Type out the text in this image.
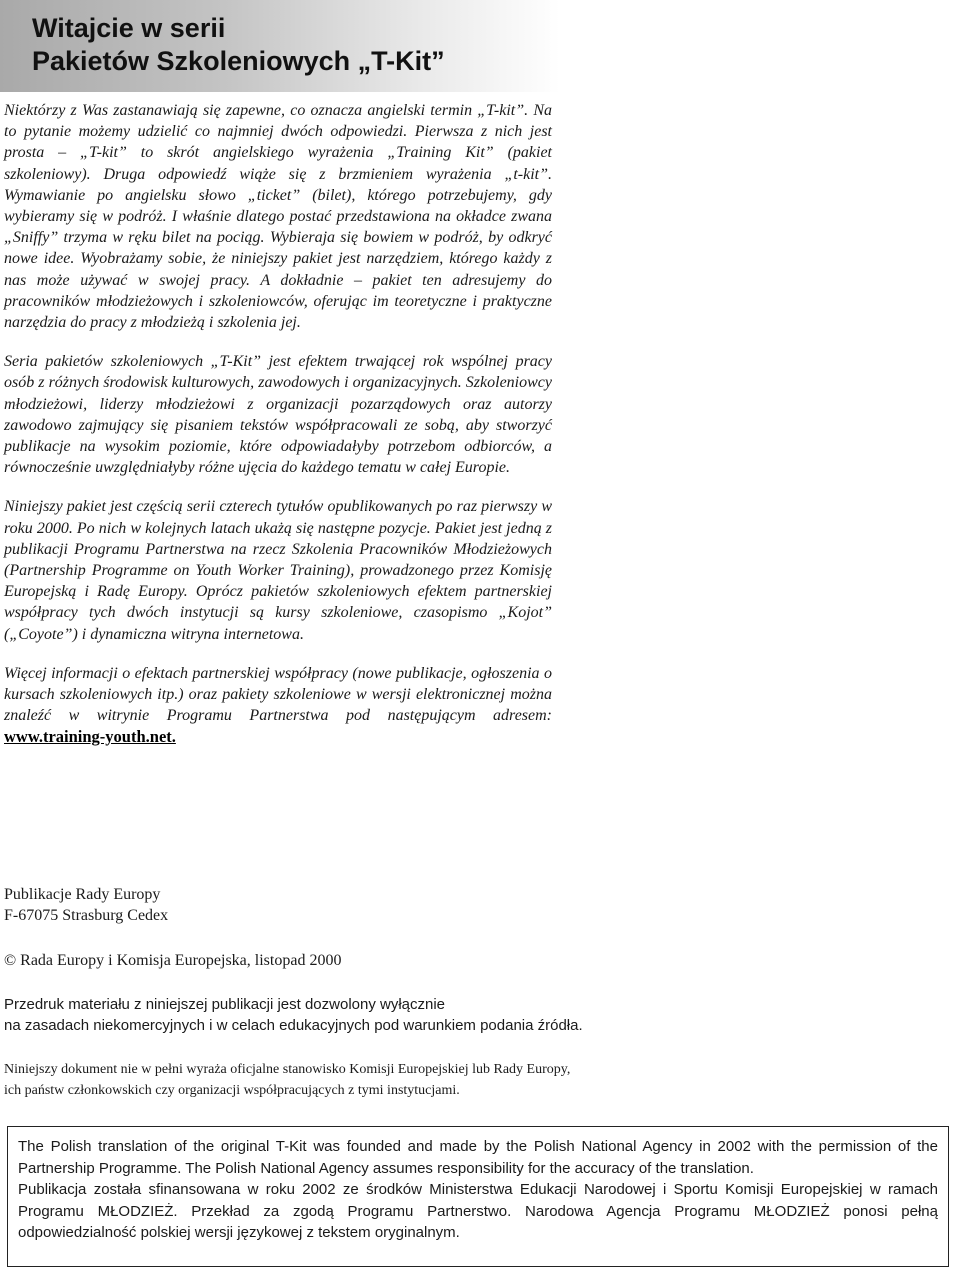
Witajcie w serii
Pakietów Szkoleniowych „T-Kit”

Niektórzy z Was zastanawiają się zapewne, co oznacza angielski termin „T-kit”. Na to pytanie możemy udzielić co najmniej dwóch odpowiedzi. Pierwsza z nich jest prosta – „T-kit” to skrót angielskiego wyrażenia „Training Kit” (pakiet szkoleniowy). Druga odpowiedź wiąże się z brzmieniem wyrażenia „t-kit”. Wymawianie po angielsku słowo „ticket” (bilet), którego potrzebujemy, gdy wybieramy się w podróż. I właśnie dlatego postać przedstawiona na okładce zwana „Sniffy” trzyma w ręku bilet na pociąg. Wybieraja się bowiem w podróż, by odkryć nowe idee. Wyobrażamy sobie, że niniejszy pakiet jest narzędziem, którego każdy z nas może używać w swojej pracy. A dokładnie – pakiet ten adresujemy do pracowników młodzieżowych i szkoleniowców, oferując im teoretyczne i praktyczne narzędzia do pracy z młodzieżą i szkolenia jej.

Seria pakietów szkoleniowych „T-Kit” jest efektem trwającej rok wspólnej pracy osób z różnych środowisk kulturowych, zawodowych i organizacyjnych. Szkoleniowcy młodzieżowi, liderzy młodzieżowi z organizacji pozarządowych oraz autorzy zawodowo zajmujący się pisaniem tekstów współpracowali ze sobą, aby stworzyć publikacje na wysokim poziomie, które odpowiadałyby potrzebom odbiorców, a równocześnie uwzględniałyby różne ujęcia do każdego tematu w całej Europie.

Niniejszy pakiet jest częścią serii czterech tytułów opublikowanych po raz pierwszy w roku 2000. Po nich w kolejnych latach ukażą się następne pozycje. Pakiet jest jedną z publikacji Programu Partnerstwa na rzecz Szkolenia Pracowników Młodzieżowych (Partnership Programme on Youth Worker Training), prowadzonego przez Komisję Europejską i Radę Europy. Oprócz pakietów szkoleniowych efektem partnerskiej współpracy tych dwóch instytucji są kursy szkoleniowe, czasopismo „Kojot” („Coyote”) i dynamiczna witryna internetowa.

Więcej informacji o efektach partnerskiej współpracy (nowe publikacje, ogłoszenia o kursach szkoleniowych itp.) oraz pakiety szkoleniowe w wersji elektronicznej można znaleźć w witrynie Programu Partnerstwa pod następującym adresem: www.training-youth.net.

Publikacje Rady Europy
F-67075 Strasburg Cedex

© Rada Europy i Komisja Europejska, listopad 2000

Przedruk materiału z niniejszej publikacji jest dozwolony wyłącznie
na zasadach niekomercyjnych i w celach edukacyjnych pod warunkiem podania źródła.
Niniejszy dokument nie w pełni wyraża oficjalne stanowisko Komisji Europejskiej lub Rady Europy,
ich państw członkowskich czy organizacji współpracujących z tymi instytucjami.

The Polish translation of the original T-Kit was founded and made by the Polish National Agency in 2002 with the permission of the Partnership Programme. The Polish National Agency assumes responsibility for the accuracy of the translation.

Publikacja została sfinansowana w roku 2002 ze środków Ministerstwa Edukacji Narodowej i Sportu Komisji Europejskiej w ramach Programu MŁODZIEŻ. Przekład za zgodą Programu Partnerstwo. Narodowa Agencja Programu MŁODZIEŻ ponosi pełną odpowiedzialność polskiej wersji językowej z tekstem oryginalnym.
